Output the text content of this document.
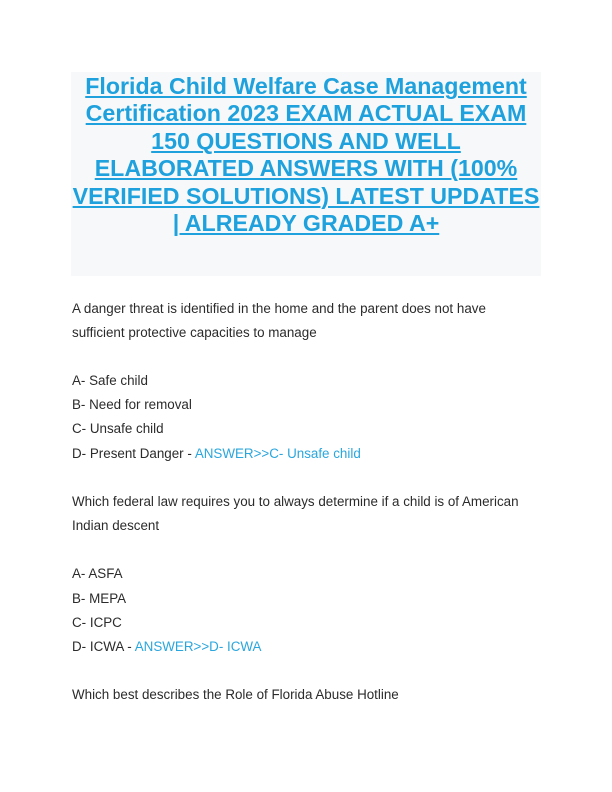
Florida Child Welfare Case Management Certification 2023 EXAM ACTUAL EXAM 150 QUESTIONS AND WELL ELABORATED ANSWERS WITH (100% VERIFIED SOLUTIONS) LATEST UPDATES | ALREADY GRADED A+

A danger threat is identified in the home and the parent does not have

sufficient protective capacities to manage

A- Safe child

B- Need for removal

C- Unsafe child

D- Present Danger - ANSWER>>C- Unsafe child

Which federal law requires you to always determine if a child is of American

Indian descent

A- ASFA

B- MEPA

C- ICPC

D- ICWA - ANSWER>>D- ICWA

Which best describes the Role of Florida Abuse Hotline
